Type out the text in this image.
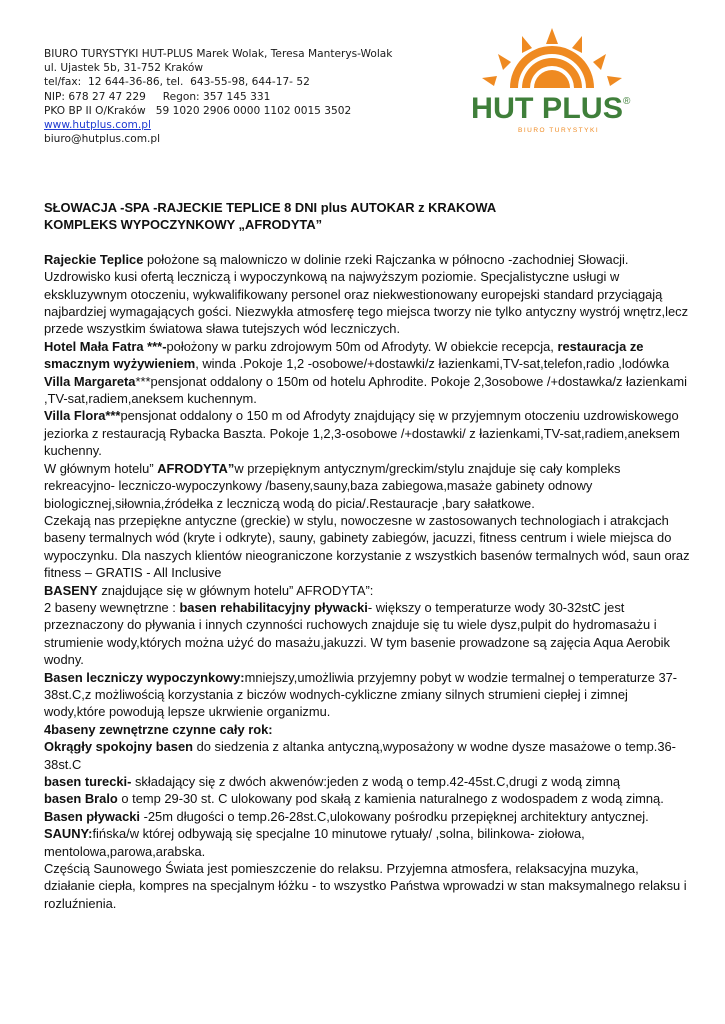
BIURO TURYSTYKI HUT-PLUS Marek Wolak, Teresa Manterys-Wolak
ul. Ujastek 5b, 31-752 Kraków
tel/fax:  12 644-36-86, tel.  643-55-98, 644-17- 52
NIP: 678 27 47 229     Regon: 357 145 331
PKO BP II O/Kraków   59 1020 2906 0000 1102 0015 3502
www.hutplus.com.pl
biuro@hutplus.com.pl
HUT PLUS ®
BIURO TURYSTYKI

SŁOWACJA -SPA -RAJECKIE TEPLICE 8 DNI plus AUTOKAR z KRAKOWA

KOMPLEKS WYPOCZYNKOWY „AFRODYTA”

Rajeckie Teplice położone są malowniczo w dolinie rzeki Rajczanka w północno -zachodniej Słowacji. Uzdrowisko kusi ofertą leczniczą i wypoczynkową na najwyższym poziomie. Specjalistyczne usługi w ekskluzywnym otoczeniu, wykwalifikowany personel oraz niekwestionowany europejski standard przyciągają najbardziej wymagających gości. Niezwykła atmosferę tego miejsca tworzy nie tylko antyczny wystrój wnętrz,lecz przede wszystkim światowa sława tutejszych wód leczniczych.

Hotel Mała Fatra ***-położony w parku zdrojowym 50m od Afrodyty. W obiekcie recepcja, restauracja ze smacznym wyżywieniem, winda .Pokoje 1,2 -osobowe/+dostawki/z łazienkami,TV-sat,telefon,radio ,lodówka

Villa Margareta***pensjonat oddalony o 150m od hotelu Aphrodite. Pokoje 2,3osobowe /+dostawka/z łazienkami ,TV-sat,radiem,aneksem kuchennym.

Villa Flora***pensjonat oddalony o 150 m od Afrodyty znajdujący się w przyjemnym otoczeniu uzdrowiskowego jeziorka z restauracją Rybacka Baszta. Pokoje 1,2,3-osobowe /+dostawki/ z łazienkami,TV-sat,radiem,aneksem kuchenny.

W głównym hotelu” AFRODYTA”w przepięknym antycznym/greckim/stylu znajduje się cały kompleks rekreacyjno- leczniczo-wypoczynkowy /baseny,sauny,baza zabiegowa,masaże gabinety odnowy biologicznej,siłownia,źródełka z leczniczą wodą do picia/.Restauracje ,bary sałatkowe.

Czekają nas przepiękne antyczne (greckie) w stylu, nowoczesne w zastosowanych technologiach i atrakcjach baseny termalnych wód (kryte i odkryte), sauny, gabinety zabiegów, jacuzzi, fitness centrum i wiele miejsca do wypoczynku. Dla naszych klientów nieograniczone korzystanie z wszystkich basenów termalnych wód, saun oraz fitness – GRATIS - All Inclusive

BASENY znajdujące się w głównym hotelu” AFRODYTA”:

2 baseny wewnętrzne : basen rehabilitacyjny pływacki- większy o temperaturze wody 30-32stC jest przeznaczony do pływania i innych czynności ruchowych znajduje się tu wiele dysz,pulpit do hydromasażu i strumienie wody,których można użyć do masażu,jakuzzi. W tym basenie prowadzone są zajęcia Aqua Aerobik wodny.

Basen leczniczy wypoczynkowy:mniejszy,umożliwia przyjemny pobyt w wodzie termalnej o temperaturze 37-38st.C,z możliwością korzystania z biczów wodnych-cykliczne zmiany silnych strumieni ciepłej i zimnej wody,które powodują lepsze ukrwienie organizmu.

4baseny zewnętrzne czynne cały rok:

Okrągły spokojny basen do siedzenia z altanka antyczną,wyposażony w wodne dysze masażowe o temp.36-38st.C

basen turecki- składający się z dwóch akwenów:jeden z wodą o temp.42-45st.C,drugi z wodą zimną

basen Bralo o temp 29-30 st. C ulokowany pod skałą z kamienia naturalnego z wodospadem z wodą zimną.

Basen pływacki -25m długości o temp.26-28st.C,ulokowany pośrodku przepięknej architektury antycznej.

SAUNY:fińska/w której odbywają się specjalne 10 minutowe rytuały/ ,solna, bilinkowa- ziołowa, mentolowa,parowa,arabska.

Częścią Saunowego Świata jest pomieszczenie do relaksu. Przyjemna atmosfera, relaksacyjna muzyka, działanie ciepła, kompres na specjalnym łóżku - to wszystko Państwa wprowadzi w stan maksymalnego relaksu i rozluźnienia.
